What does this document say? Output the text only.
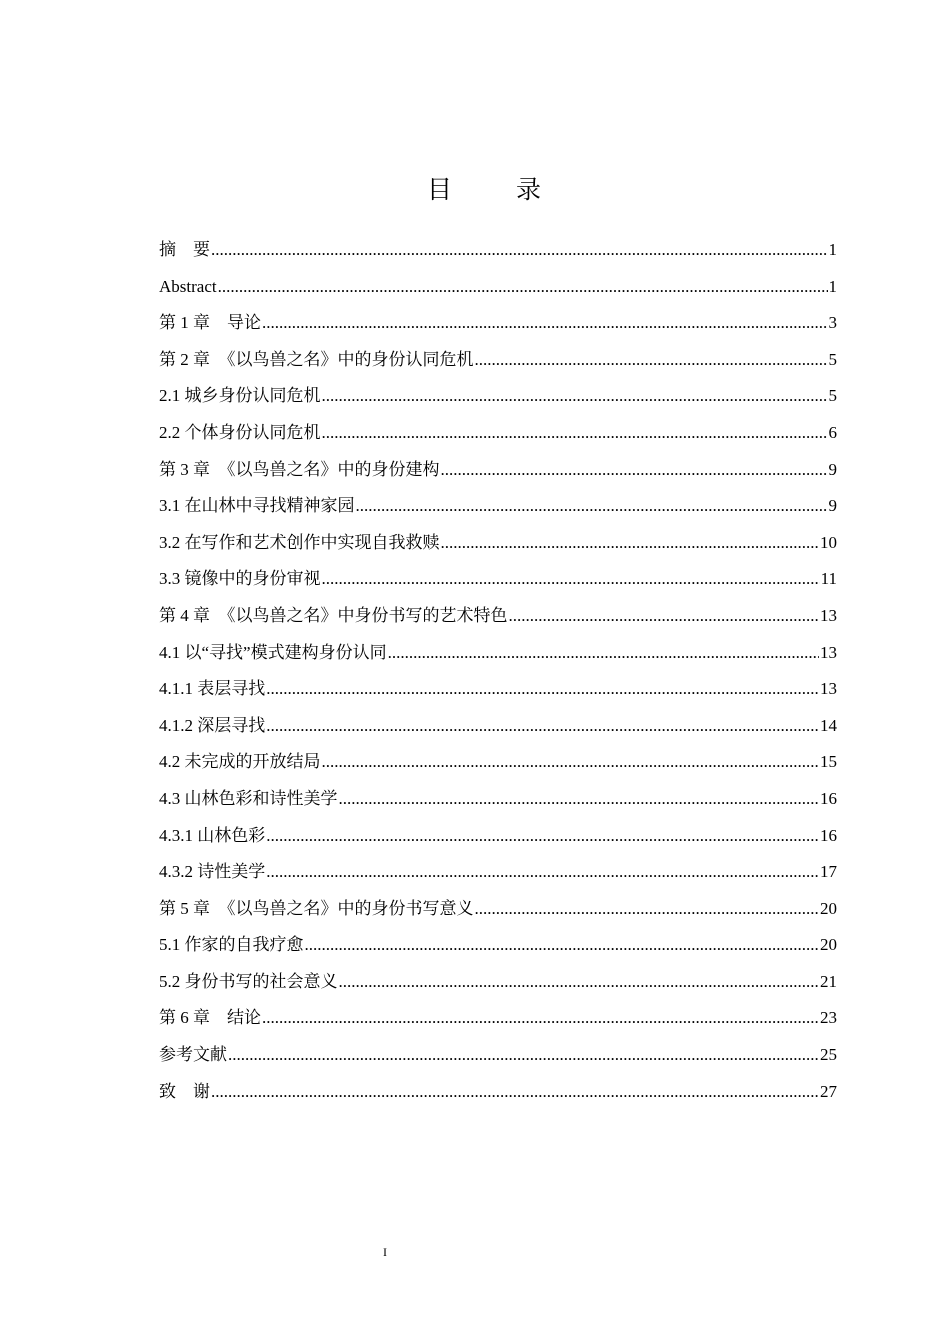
目 录
摘　要 .....	1
Abstract .....	1
第 1 章　导论 .....	3
第 2 章　《以鸟兽之名》中的身份认同危机 .....	5
2.1 城乡身份认同危机 .....	5
2.2 个体身份认同危机 .....	6
第 3 章　《以鸟兽之名》中的身份建构 .....	9
3.1 在山林中寻找精神家园 .....	9
3.2 在写作和艺术创作中实现自我救赎 .....	10
3.3 镜像中的身份审视 .....	11
第 4 章　《以鸟兽之名》中身份书写的艺术特色 .....	13
4.1 以“寻找”模式建构身份认同 .....	13
4.1.1 表层寻找 .....	13
4.1.2 深层寻找 .....	14
4.2 未完成的开放结局 .....	15
4.3 山林色彩和诗性美学 .....	16
4.3.1 山林色彩 .....	16
4.3.2 诗性美学 .....	17
第 5 章　《以鸟兽之名》中的身份书写意义 .....	20
5.1 作家的自我疗愈 .....	20
5.2 身份书写的社会意义 .....	21
第 6 章　结论 .....	23
参考文献 .....	25
致　谢 .....	27
I
